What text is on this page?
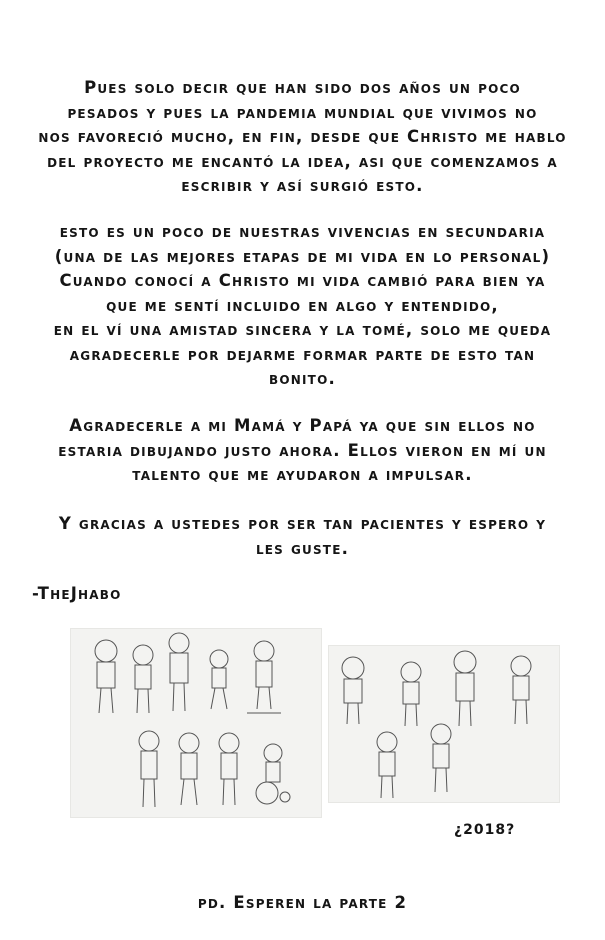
Pues solo decir que han sido dos años un poco
pesados y pues la pandemia mundial que vivimos no
nos favoreció mucho, en fin, desde que Christo me hablo
del proyecto me encantó la idea, asi que comenzamos a
escribir y así surgió esto.
esto es un poco de nuestras vivencias en secundaria
(una de las mejores etapas de mi vida en lo personal)
Cuando conocí a Christo mi vida cambió para bien ya
que me sentí incluido en algo y entendido,
en el ví una amistad sincera y la tomé, solo me queda
agradecerle por dejarme formar parte de esto tan
bonito.
Agradecerle a mi Mamá y Papá ya que sin ellos no
estaria dibujando justo ahora. Ellos vieron en mí un
talento que me ayudaron a impulsar.
Y gracias a ustedes por ser tan pacientes y espero y
les guste.
-TheJhabo
¿2018?
pd. Esperen la parte 2
